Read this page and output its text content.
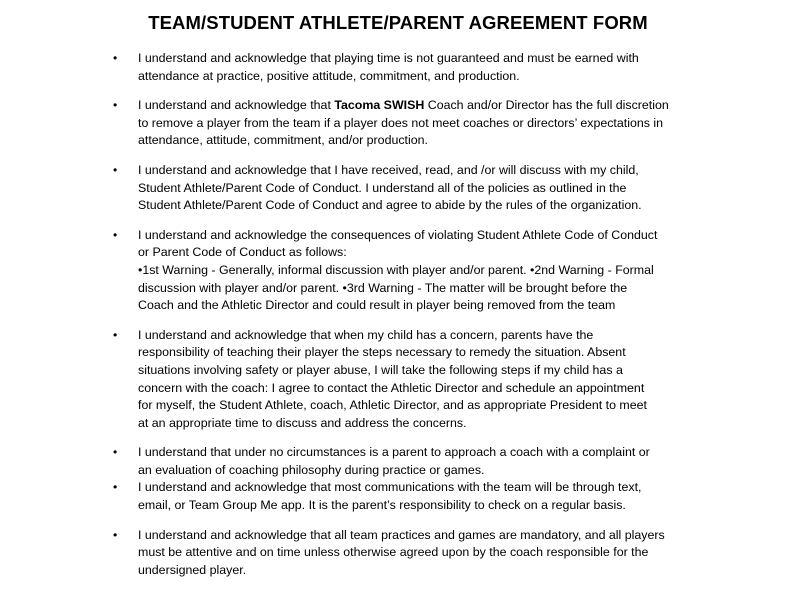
TEAM/STUDENT ATHLETE/PARENT AGREEMENT FORM
• I understand and acknowledge that playing time is not guaranteed and must be earned with
attendance at practice, positive attitude, commitment, and production.
• I understand and acknowledge that Tacoma SWISH Coach and/or Director has the full discretion
to remove a player from the team if a player does not meet coaches or directors’ expectations in
attendance, attitude, commitment, and/or production.
• I understand and acknowledge that I have received, read, and /or will discuss with my child,
Student Athlete/Parent Code of Conduct. I understand all of the policies as outlined in the
Student Athlete/Parent Code of Conduct and agree to abide by the rules of the organization.
• I understand and acknowledge the consequences of violating Student Athlete Code of Conduct
or Parent Code of Conduct as follows:
•1st Warning - Generally, informal discussion with player and/or parent. •2nd Warning - Formal
discussion with player and/or parent. •3rd Warning - The matter will be brought before the
Coach and the Athletic Director and could result in player being removed from the team
• I understand and acknowledge that when my child has a concern, parents have the
responsibility of teaching their player the steps necessary to remedy the situation. Absent
situations involving safety or player abuse, I will take the following steps if my child has a
concern with the coach: I agree to contact the Athletic Director and schedule an appointment
for myself, the Student Athlete, coach, Athletic Director, and as appropriate President to meet
at an appropriate time to discuss and address the concerns.
• I understand that under no circumstances is a parent to approach a coach with a complaint or
an evaluation of coaching philosophy during practice or games.
• I understand and acknowledge that most communications with the team will be through text,
email, or Team Group Me app. It is the parent’s responsibility to check on a regular basis.
• I understand and acknowledge that all team practices and games are mandatory, and all players
must be attentive and on time unless otherwise agreed upon by the coach responsible for the
undersigned player.
